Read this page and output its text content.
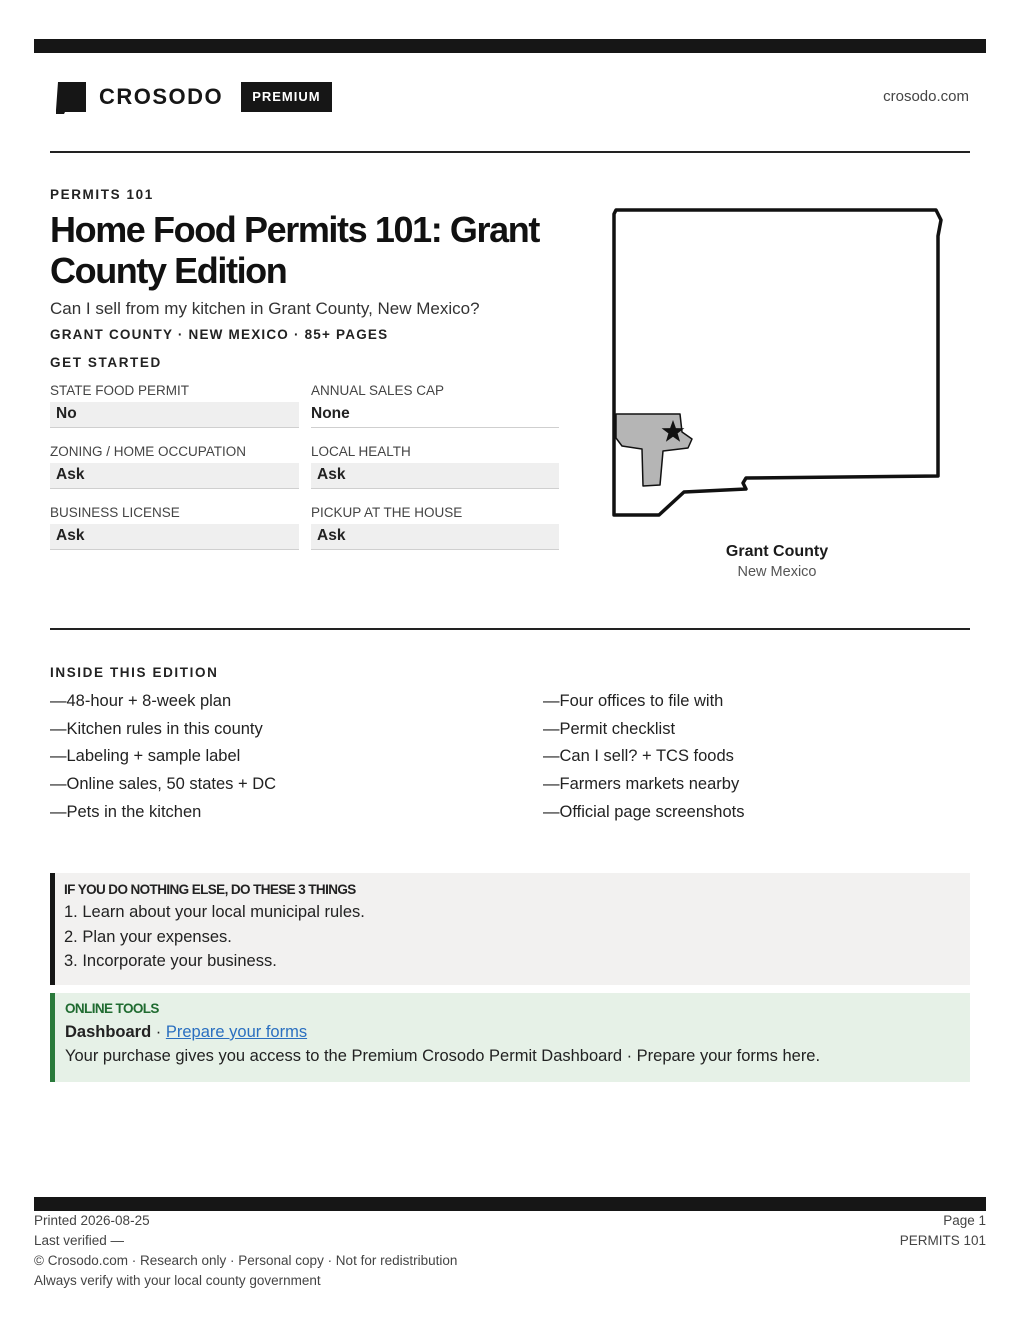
CROSODO	PREMIUM	crosodo.com
PERMITS 101
Home Food Permits 101: Grant County Edition
Can I sell from my kitchen in Grant County, New Mexico?
GRANT COUNTY · NEW MEXICO · 85+ PAGES
GET STARTED
STATE FOOD PERMIT
No
ANNUAL SALES CAP
None
ZONING / HOME OCCUPATION
Ask
LOCAL HEALTH
Ask
BUSINESS LICENSE
Ask
PICKUP AT THE HOUSE
Ask
Grant County
New Mexico
INSIDE THIS EDITION
—48-hour + 8-week plan
—Kitchen rules in this county
—Labeling + sample label
—Online sales, 50 states + DC
—Pets in the kitchen
—Four offices to file with
—Permit checklist
—Can I sell? + TCS foods
—Farmers markets nearby
—Official page screenshots
IF YOU DO NOTHING ELSE, DO THESE 3 THINGS
1. Learn about your local municipal rules.
2. Plan your expenses.
3. Incorporate your business.
ONLINE TOOLS
Dashboard · Prepare your forms
Your purchase gives you access to the Premium Crosodo Permit Dashboard · Prepare your forms here.
Printed 2026-08-25
Last verified —
© Crosodo.com · Research only · Personal copy · Not for redistribution
Always verify with your local county government
Page 1
PERMITS 101
